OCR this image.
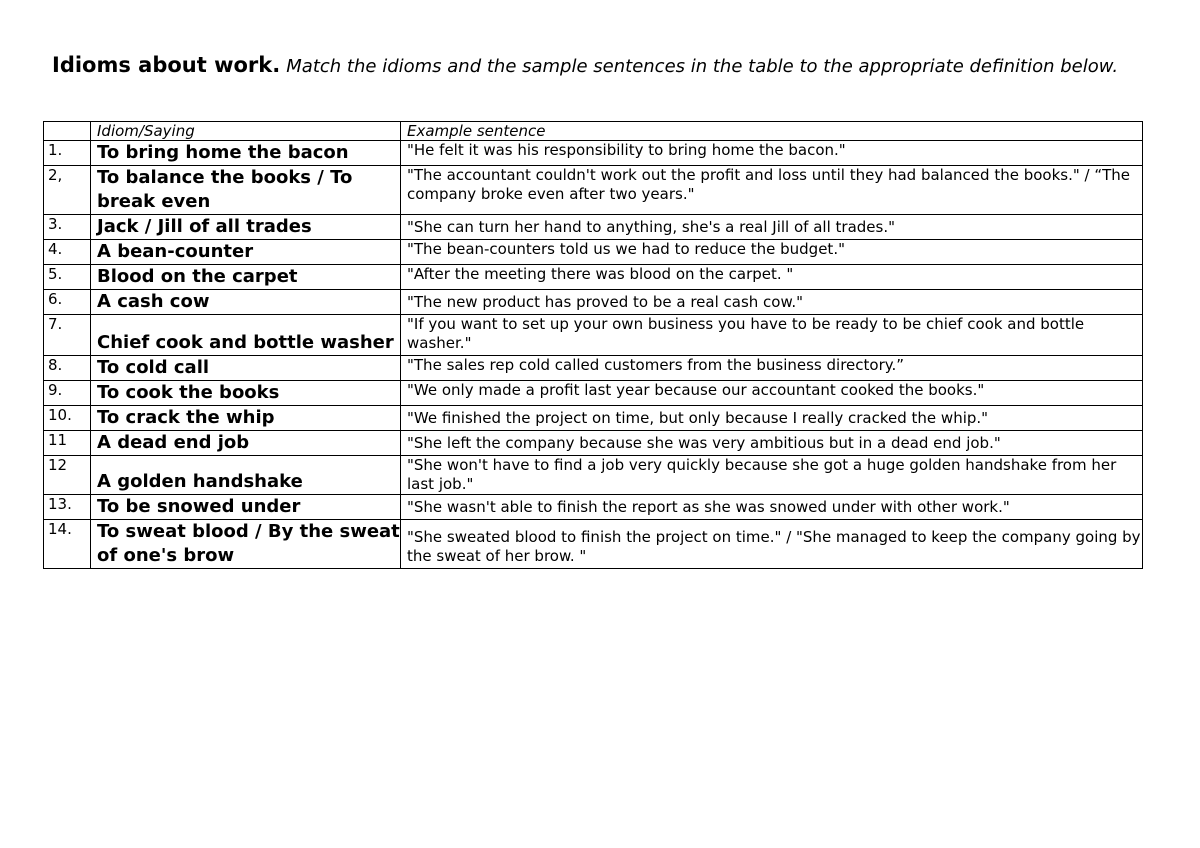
Idioms about work. Match the idioms and the sample sentences in the table to the appropriate definition below.
	Idiom/Saying	Example sentence
1.	To bring home the bacon	"He felt it was his responsibility to bring home the bacon."
2,	To balance the books / To break even	"The accountant couldn't work out the profit and loss until they had balanced the books." / “The company broke even after two years."
3.	Jack / Jill of all trades	"She can turn her hand to anything, she's a real Jill of all trades."
4.	A bean-counter	"The bean-counters told us we had to reduce the budget."
5.	Blood on the carpet	"After the meeting there was blood on the carpet. "
6.	A cash cow	"The new product has proved to be a real cash cow."
7.	Chief cook and bottle washer	"If you want to set up your own business you have to be ready to be chief cook and bottle washer."
8.	To cold call	"The sales rep cold called customers from the business directory.”
9.	To cook the books	"We only made a profit last year because our accountant cooked the books."
10.	To crack the whip	"We finished the project on time, but only because I really cracked the whip."
11	A dead end job	"She left the company because she was very ambitious but in a dead end job."
12	A golden handshake	"She won't have to find a job very quickly because she got a huge golden handshake from her last job."
13.	To be snowed under	"She wasn't able to finish the report as she was snowed under with other work."
14.	To sweat blood / By the sweat of one's brow	"She sweated blood to finish the project on time." / "She managed to keep the company going by the sweat of her brow. "
